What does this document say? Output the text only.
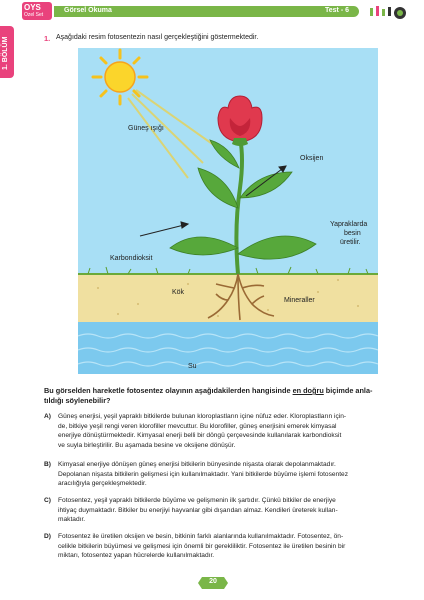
OYS
Ozel Set
Görsel Okuma	Test - 6
1. BÖLÜM	1. Aşağıdaki resim fotosentezin nasıl gerçekleştiğini göstermektedir.
Güneş ışığı
Oksijen
Yapraklarda
besin
üretilir.
Karbondioksit
Kök
Mineraller
Su
Bu görselden hareketle fotosentez olayının aşağıdakilerden hangisinde en doğru biçimde anla-
tıldığı söylenebilir?
A) Güneş enerjisi, yeşil yapraklı bitkilerde bulunan kloroplastların içine nüfuz eder. Kloroplastların için-
de, bitkiye yeşil rengi veren klorofiller mevcuttur. Bu klorofiller, güneş enerjisini emerek kimyasal
enerjiye dönüştürmektedir. Kimyasal enerji belli bir döngü çerçevesinde kullanılarak karbondioksit
ve suyla birleştirilir. Bu aşamada besine ve oksijene dönüşür.
B) Kimyasal enerjiye dönüşen güneş enerjisi bitkilerin bünyesinde nişasta olarak depolanmaktadır.
Depolanan nişasta bitkilerin gelişmesi için kullanılmaktadır. Yani bitkilerde büyüme işlemi fotosentez
aracılığıyla gerçekleşmektedir.
C) Fotosentez, yeşil yapraklı bitkilerde büyüme ve gelişmenin ilk şartıdır. Çünkü bitkiler de enerjiye
ihtiyaç duymaktadır. Bitkiler bu enerjiyi hayvanlar gibi dışarıdan almaz. Kendileri üreterek kullan-
maktadır.
D) Fotosentez ile üretilen oksijen ve besin, bitkinin farklı alanlarında kullanılmaktadır. Fotosentez, ön-
celikle bitkilerin büyümesi ve gelişmesi için önemli bir gerekliliktir. Fotosentez ile üretilen besinin bir
miktarı, fotosentez yapan hücrelerde kullanılmaktadır.
20
